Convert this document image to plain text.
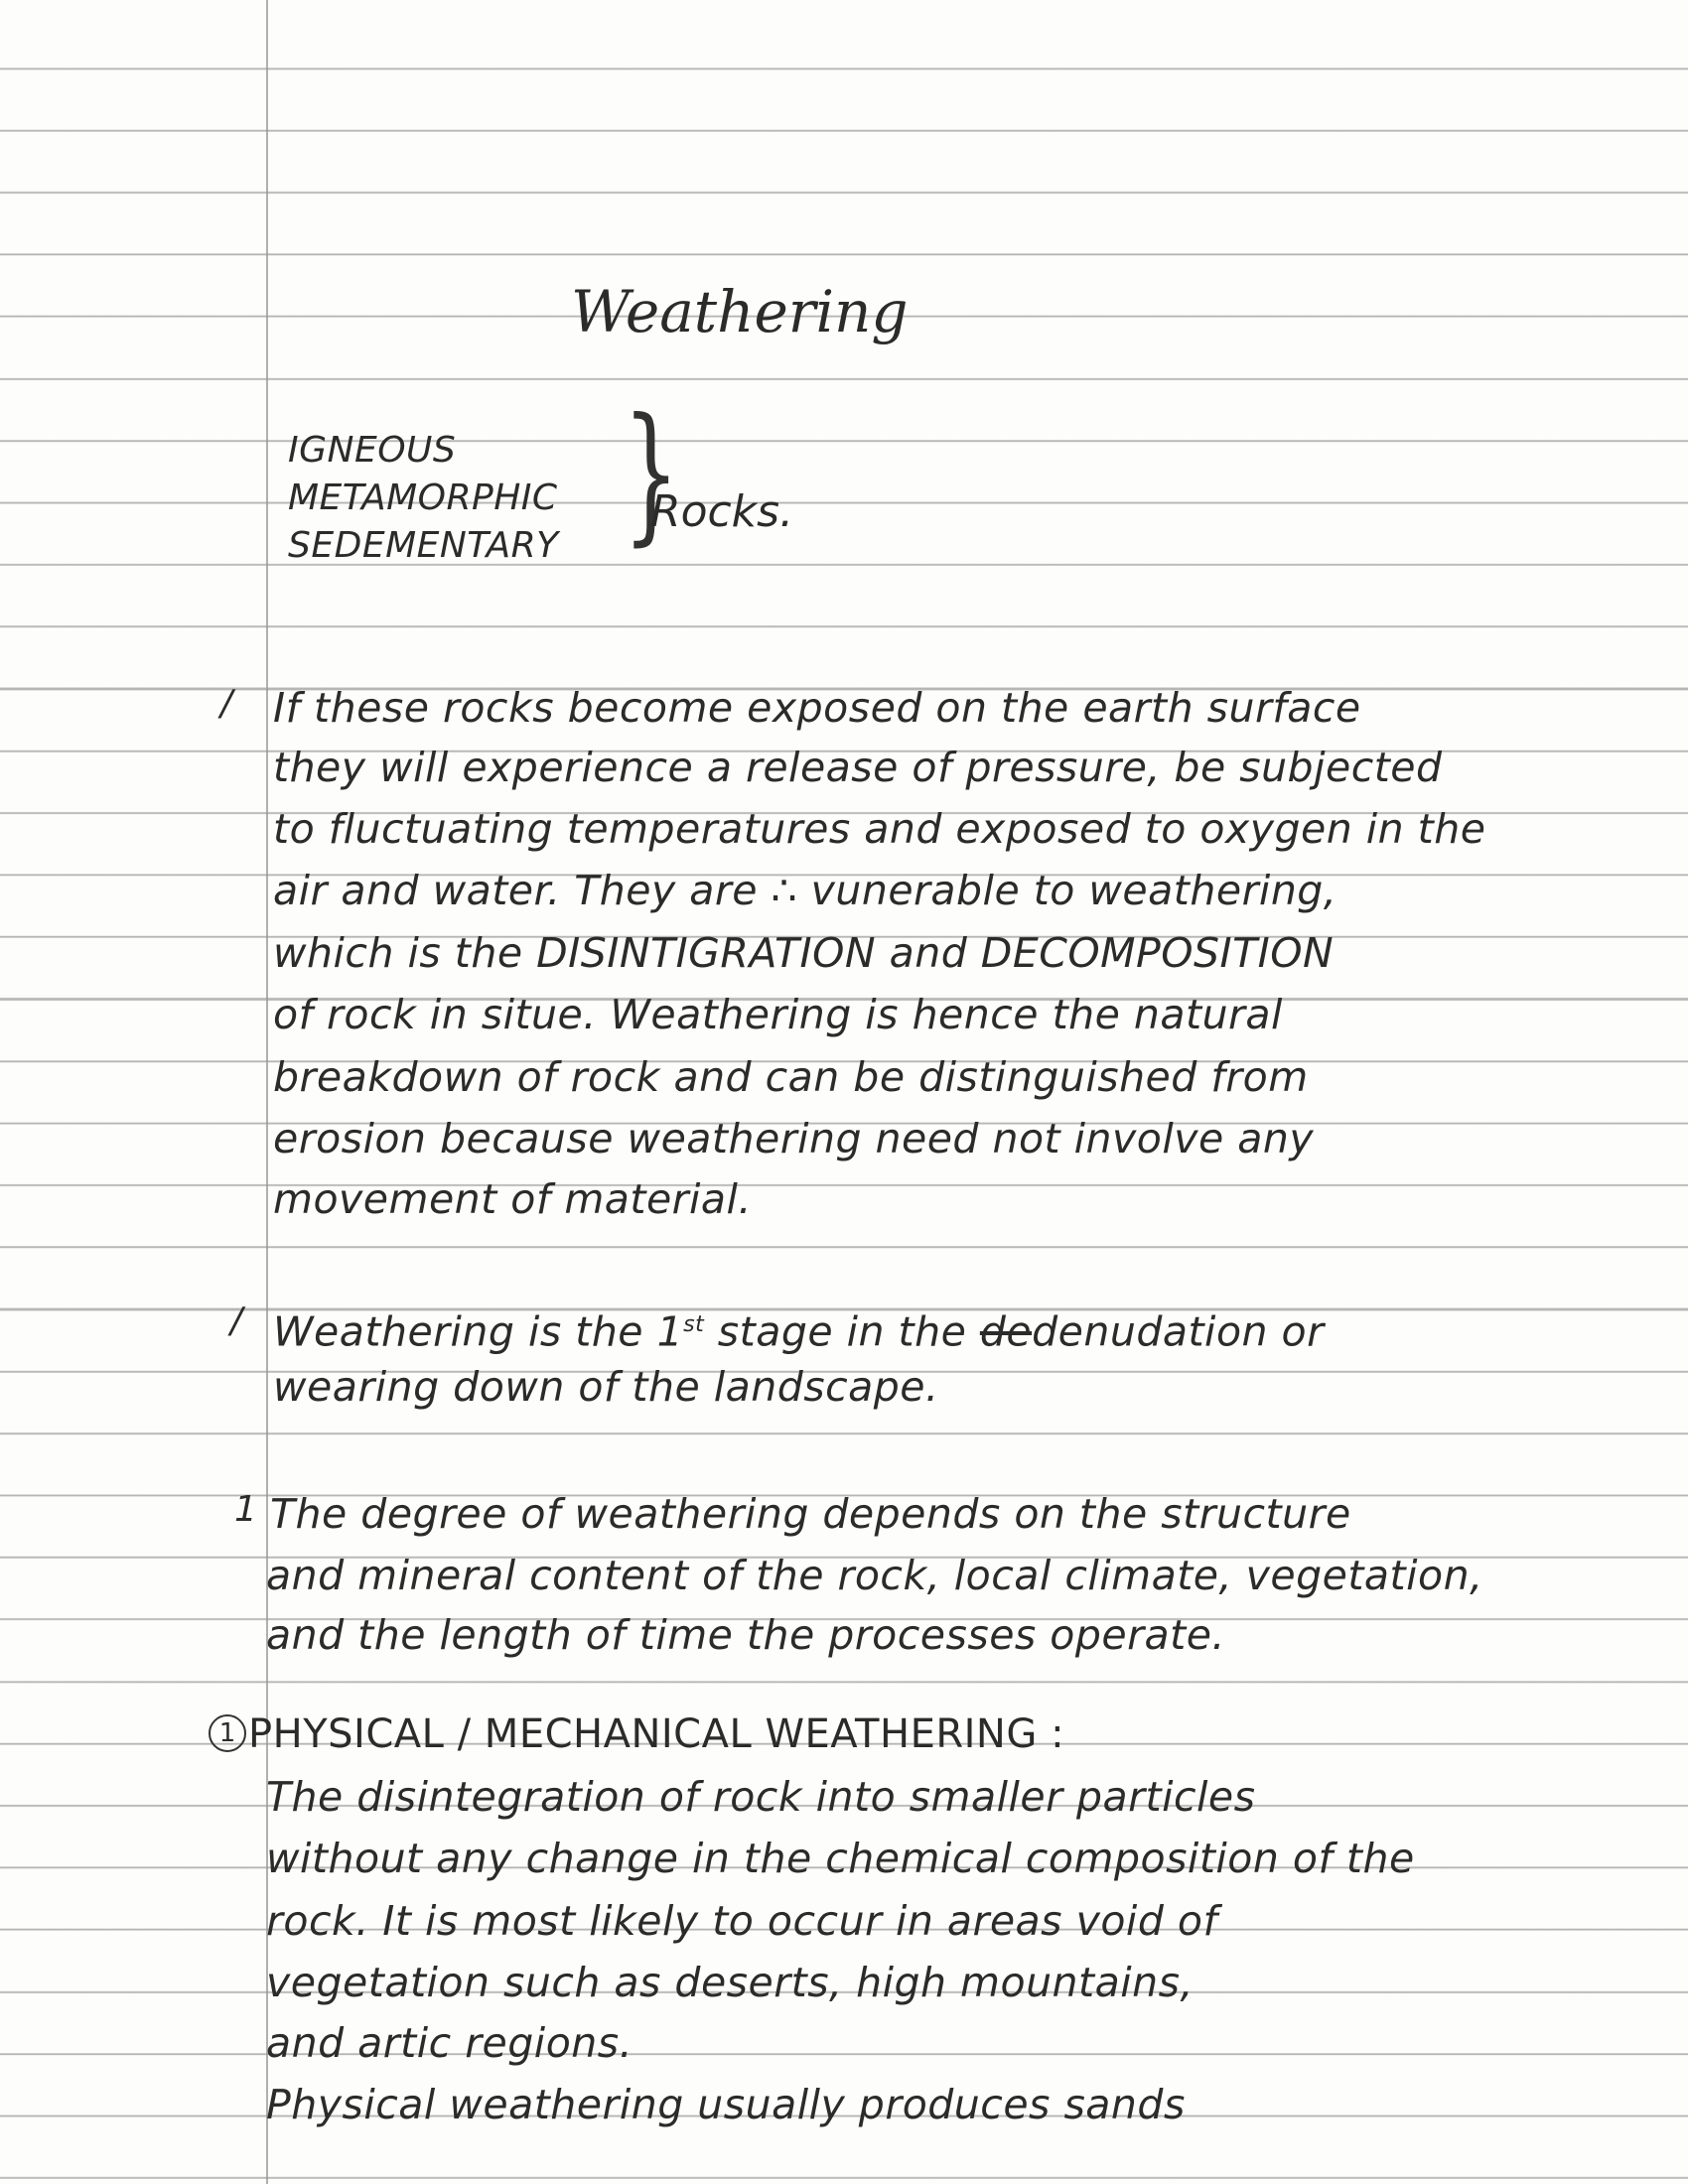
Weathering
IGNEOUS
METAMORPHIC
SEDEMENTARY }
Rocks.
/ If these rocks become exposed on the earth surface
they will experience a release of pressure, be subjected
to fluctuating temperatures and exposed to oxygen in the
air and water. They are ∴ vunerable to weathering,
which is the DISINTIGRATION and DECOMPOSITION
of rock in situe. Weathering is hence the natural
breakdown of rock and can be distinguished from
erosion because weathering need not involve any
movement of material.
/ Weathering is the 1st stage in the dedenudation or
wearing down of the landscape.
1 The degree of weathering depends on the structure
and mineral content of the rock, local climate, vegetation,
and the length of time the processes operate.
1 PHYSICAL / MECHANICAL WEATHERING :
The disintegration of rock into smaller particles
without any change in the chemical composition of the
rock. It is most likely to occur in areas void of
vegetation such as deserts, high mountains,
and artic regions.
Physical weathering usually produces sands
